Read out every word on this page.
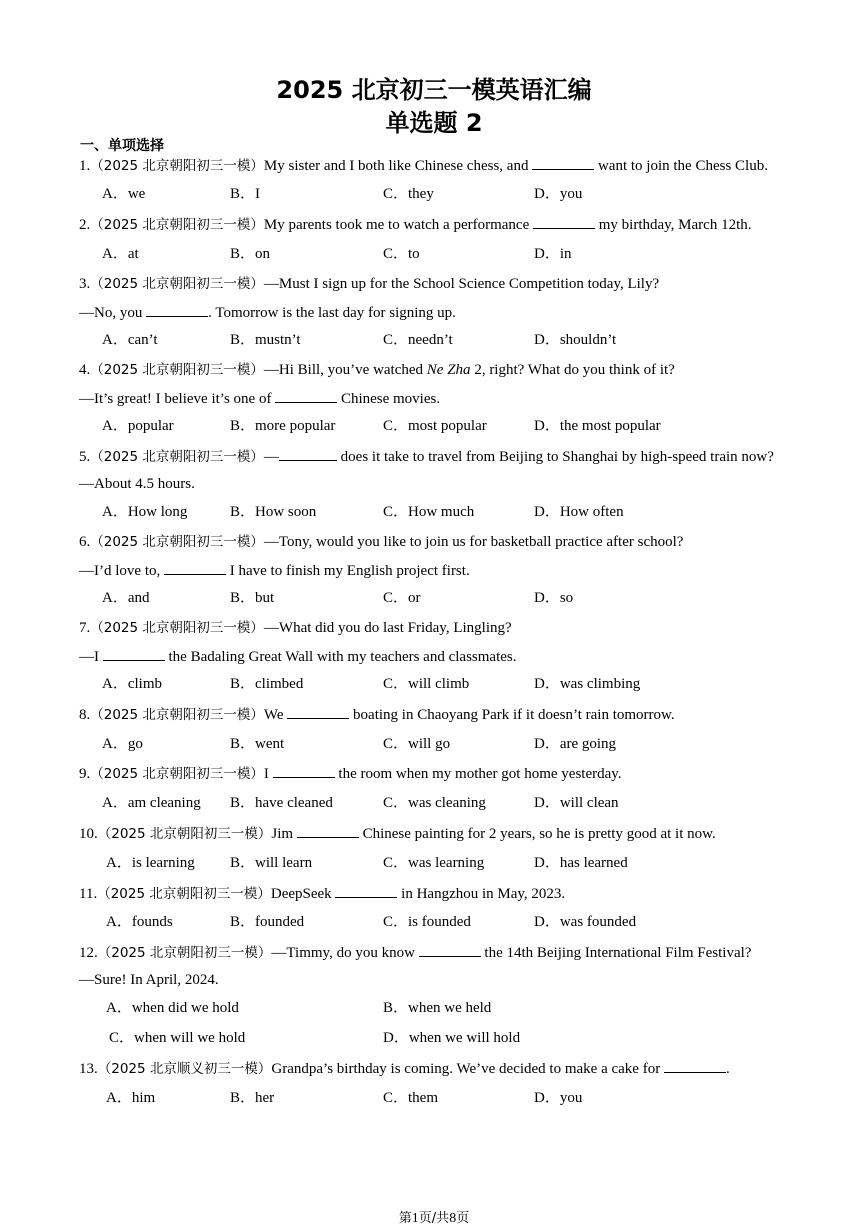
2025 北京初三一模英语汇编
单选题 2
一、单项选择
1.（2025 北京朝阳初三一模）My sister and I both like Chinese chess, and	want to join the Chess Club.
A．we	B．I	C．they	D．you
2.（2025 北京朝阳初三一模）My parents took me to watch a performance	my birthday, March 12th.
A．at	B．on	C．to	D．in
3.（2025 北京朝阳初三一模）—Must I sign up for the School Science Competition today, Lily?
—No, you	. Tomorrow is the last day for signing up.
A．can’t	B．mustn’t	C．needn’t	D．shouldn’t
4.（2025 北京朝阳初三一模）—Hi Bill, you’ve watched Ne Zha 2, right? What do you think of it?
—It’s great! I believe it’s one of	Chinese movies.
A．popular	B．more popular	C．most popular	D．the most popular
5.（2025 北京朝阳初三一模）—	does it take to travel from Beijing to Shanghai by high-speed train now?
—About 4.5 hours.
A．How long	B．How soon	C．How much	D．How often
6.（2025 北京朝阳初三一模）—Tony, would you like to join us for basketball practice after school?
—I’d love to,	I have to finish my English project first.
A．and	B．but	C．or	D．so
7.（2025 北京朝阳初三一模）—What did you do last Friday, Lingling?
—I	the Badaling Great Wall with my teachers and classmates.
A．climb	B．climbed	C．will climb	D．was climbing
8.（2025 北京朝阳初三一模）We	boating in Chaoyang Park if it doesn’t rain tomorrow.
A．go	B．went	C．will go	D．are going
9.（2025 北京朝阳初三一模）I	the room when my mother got home yesterday.
A．am cleaning B．have cleaned	C．was cleaning	D．will clean
10.（2025 北京朝阳初三一模）Jim	Chinese painting for 2 years, so he is pretty good at it now.
A．is learning B．will learn	C．was learning	D．has learned
11.（2025 北京朝阳初三一模）DeepSeek	in Hangzhou in May, 2023.
A．founds	B．founded	C．is founded	D．was founded
12.（2025 北京朝阳初三一模）—Timmy, do you know	the 14th Beijing International Film Festival?
—Sure! In April, 2024.
A．when did we hold	B．when we held
C．when will we hold	D．when we will hold
13.（2025 北京顺义初三一模）Grandpa’s birthday is coming. We’ve decided to make a cake for	.
A．him	B．her	C．them	D．you
第1页/共8页
